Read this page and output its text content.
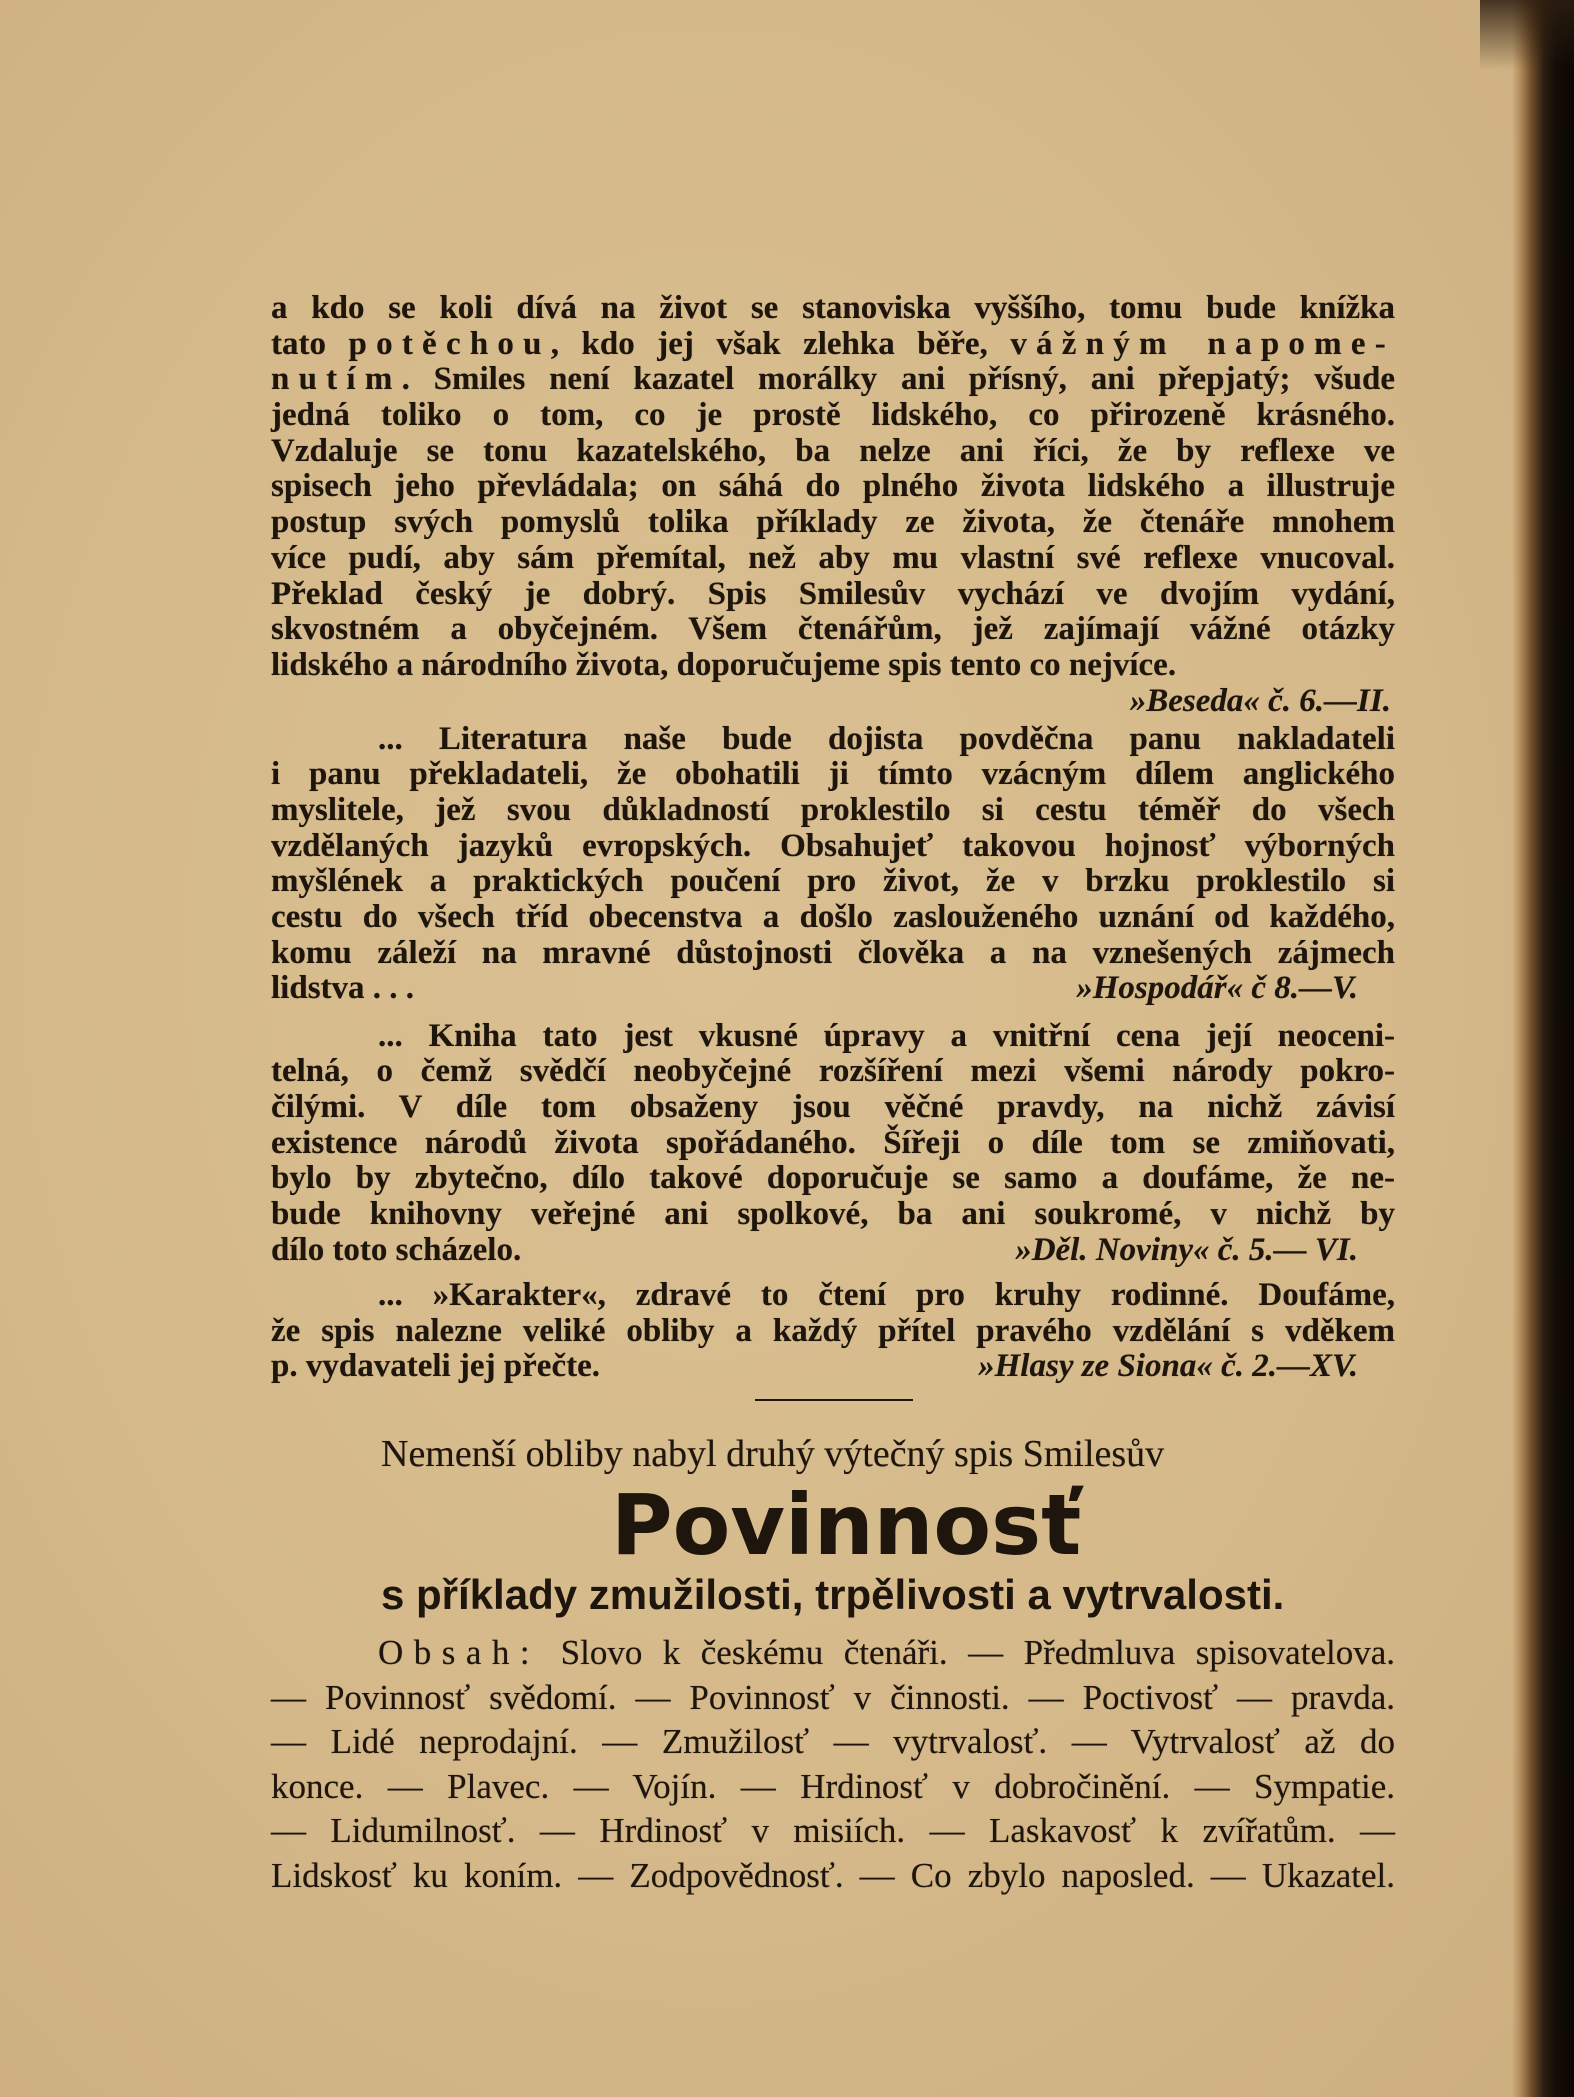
a kdo se koli dívá na život se stanoviska vyššího, tomu bude knížka
tato potěchou, kdo jej však zlehka běře, vážným napome-
nutím. Smiles není kazatel morálky ani přísný, ani přepjatý; všude
jedná toliko o tom, co je prostě lidského, co přirozeně krásného.
Vzdaluje se tonu kazatelského, ba nelze ani říci, že by reflexe ve
spisech jeho převládala; on sáhá do plného života lidského a illustruje
postup svých pomyslů tolika příklady ze života, že čtenáře mnohem
více pudí, aby sám přemítal, než aby mu vlastní své reflexe vnucoval.
Překlad český je dobrý. Spis Smilesův vychází ve dvojím vydání,
skvostném a obyčejném. Všem čtenářům, jež zajímají vážné otázky
lidského a národního života, doporučujeme spis tento co nejvíce.
»Beseda« č. 6.—II.
... Literatura naše bude dojista povděčna panu nakladateli
i panu překladateli, že obohatili ji tímto vzácným dílem anglického
myslitele, jež svou důkladností proklestilo si cestu téměř do všech
vzdělaných jazyků evropských. Obsahujeť takovou hojnosť výborných
myšlének a praktických poučení pro život, že v brzku proklestilo si
cestu do všech tříd obecenstva a došlo zaslouženého uznání od každého,
komu záleží na mravné důstojnosti člověka a na vznešených zájmech
lidstva . . .	»Hospodář« č 8.—V.
... Kniha tato jest vkusné úpravy a vnitřní cena její neoceni-
telná, o čemž svědčí neobyčejné rozšíření mezi všemi národy pokro-
čilými. V díle tom obsaženy jsou věčné pravdy, na nichž závisí
existence národů života spořádaného. Šířeji o díle tom se zmiňovati,
bylo by zbytečno, dílo takové doporučuje se samo a doufáme, že ne-
bude knihovny veřejné ani spolkové, ba ani soukromé, v nichž by
dílo toto scházelo.	»Děl. Noviny« č. 5.— VI.
... »Karakter«, zdravé to čtení pro kruhy rodinné. Doufáme,
že spis nalezne veliké obliby a každý přítel pravého vzdělání s vděkem
p. vydavateli jej přečte.	»Hlasy ze Siona« č. 2.—XV.
Nemenší obliby nabyl druhý výtečný spis Smilesův
Povinnosť
s příklady zmužilosti, trpělivosti a vytrvalosti.
Obsah: Slovo k českému čtenáři. — Předmluva spisovatelova.
— Povinnosť svědomí. — Povinnosť v činnosti. — Poctivosť — pravda.
— Lidé neprodajní. — Zmužilosť — vytrvalosť. — Vytrvalosť až do
konce. — Plavec. — Vojín. — Hrdinosť v dobročinění. — Sympatie.
— Lidumilnosť. — Hrdinosť v misiích. — Laskavosť k zvířatům. —
Lidskosť ku koním. — Zodpovědnosť. — Co zbylo naposled. — Ukazatel.
